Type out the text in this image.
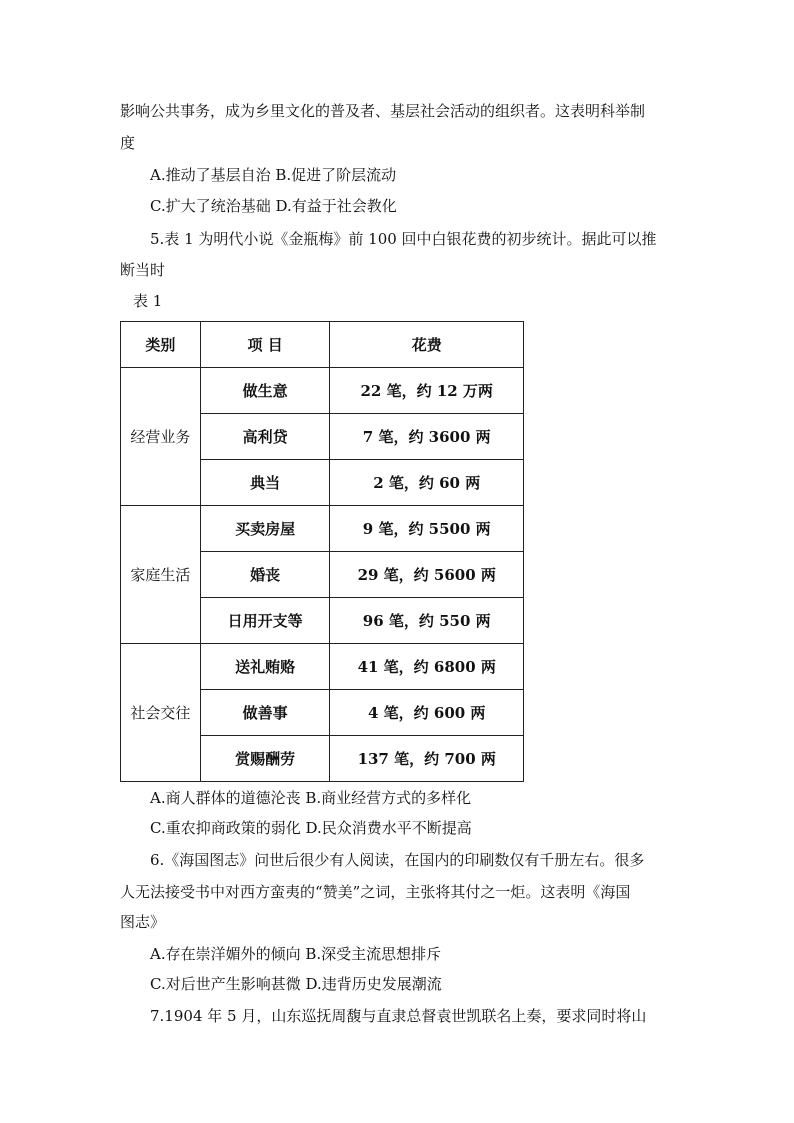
影响公共事务，成为乡里文化的普及者、基层社会活动的组织者。这表明科举制
度
A.推动了基层自治 B.促进了阶层流动
C.扩大了统治基础 D.有益于社会教化
5.表 1 为明代小说《金瓶梅》前 100 回中白银花费的初步统计。据此可以推
断当时
表 1
类别	项 目	花费
经营业务	做生意	22 笔，约 12 万两
	高利贷	7 笔，约 3600 两
	典当	2 笔，约 60 两
家庭生活	买卖房屋	9 笔，约 5500 两
	婚丧	29 笔，约 5600 两
	日用开支等	96 笔，约 550 两
社会交往	送礼贿赂	41 笔，约 6800 两
	做善事	4 笔，约 600 两
	赏赐酬劳	137 笔，约 700 两
A.商人群体的道德沦丧 B.商业经营方式的多样化
C.重农抑商政策的弱化 D.民众消费水平不断提高
6.《海国图志》问世后很少有人阅读，在国内的印刷数仅有千册左右。很多
人无法接受书中对西方蛮夷的“赞美”之词，主张将其付之一炬。这表明《海国
图志》
A.存在崇洋媚外的倾向 B.深受主流思想排斥
C.对后世产生影响甚微 D.违背历史发展潮流
7.1904 年 5 月，山东巡抚周馥与直隶总督袁世凯联名上奏，要求同时将山
